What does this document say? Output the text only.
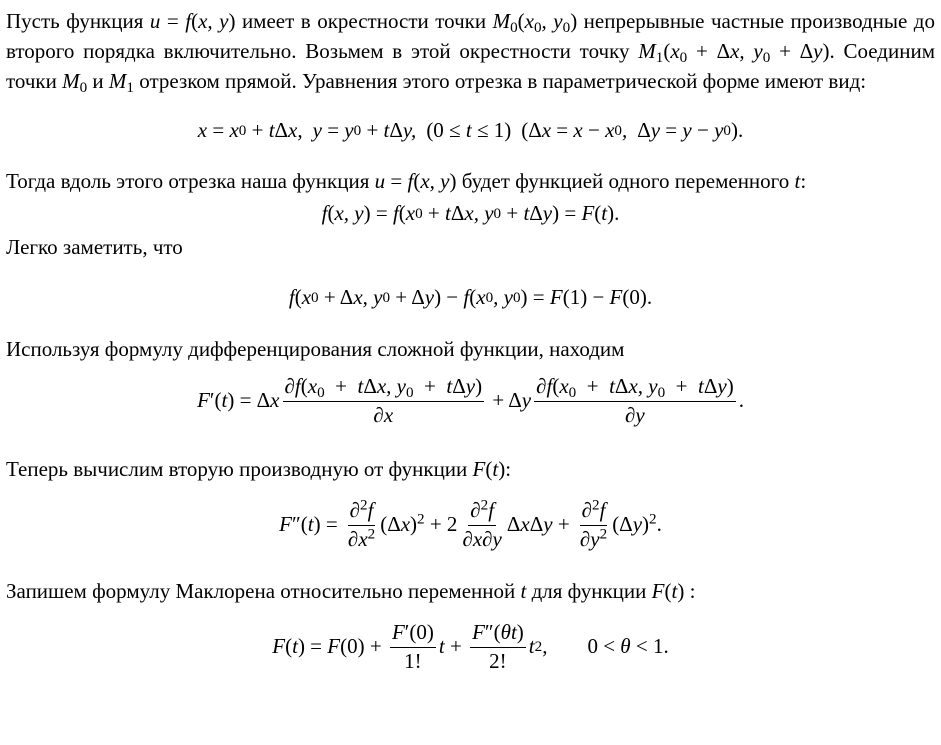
Пусть функция u = f(x, y) имеет в окрестности точки $M_0(x_0$, $y_0$) непрерывные частные производные до второго порядка включительно. Возьмем в этой окрестности точку $M_1(x_0 + \Delta x$, $y_0 + \Delta y$). Соединим точки $M_0$ и $M_1$ отрезком прямой. Уравнения этого отрезка в параметрической форме имеют вид:

x = x 0 + t Δ x,
y = y 0 + t Δ y, (0 ≤ t ≤ 1) (Δ x = x − x 0 , Δ y = y − y 0 ).

Тогда вдоль этого отрезка наша функция u = f(x, y) будет функцией одного переменного t:

f ( x, y ) = f ( x 0 + t Δ x, y 0 + t Δ y ) = F ( t ).

Легко заметить, что

f ( x 0 + Δ x, y 0 + Δ y ) − f ( x 0 , y 0 ) = F (1) − F (0).

Используя формулу дифференцирования сложной функции, находим

F ′( t ) = Δ x $\frac{\partial f(x_0 + t\Delta x, y_0 + t\Delta y)}{\partial x} + \Delta$ y $\frac{\partial f(x_0 + t\Delta x, y_0 + t\Delta y)}{\partial y}$ .

Теперь вычислим вторую производную от функции F(t):

F ″( t ) = $\frac{\partial^2f}{\partial x^2} (\Delta$ x )$^2 + 2 \frac{\partial^2f}{\partial x\partial y}$ Δ x Δ $y + \frac{\partial^2f}{\partial y^2} (\Delta$ y )$^2$.

Запишем формулу Маклорена относительно переменной t для функции F(t) :

F ( t ) = F $(0) + \frac{F'(0)}{1!}$ $t + \frac{F''(\theta t)}{2!}$ t 2 , 0 < θ < 1.
